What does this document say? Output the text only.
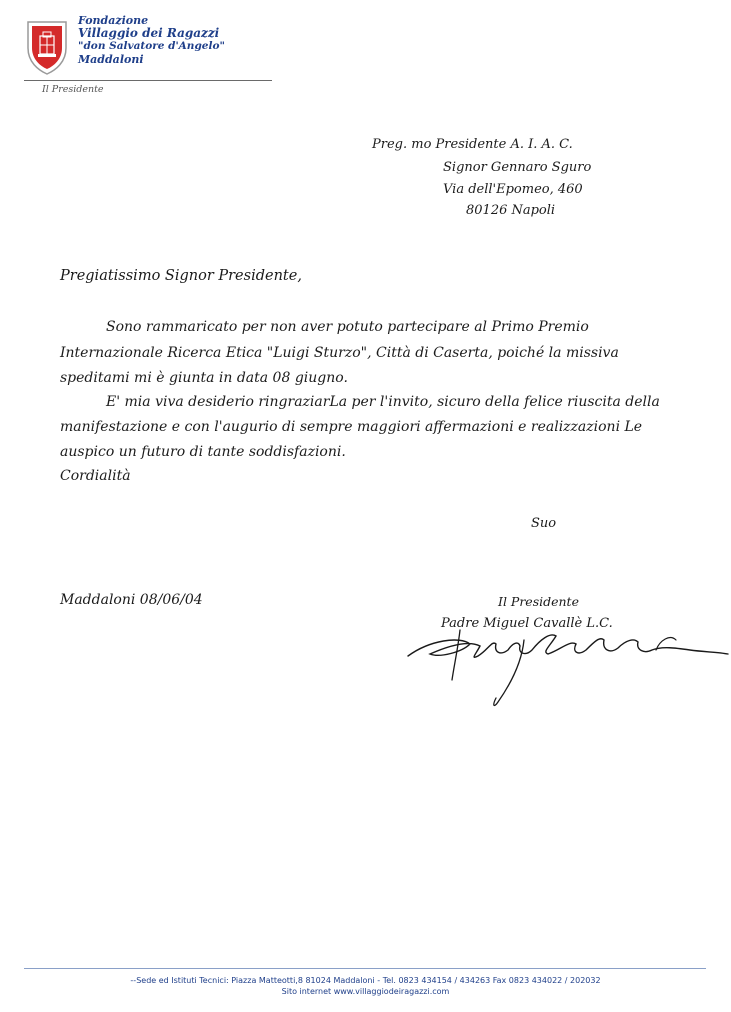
Fondazione
Villaggio dei Ragazzi
"don Salvatore d'Angelo"
Maddaloni
Il Presidente
Preg. mo Presidente A. I. A. C.
Signor Gennaro Sguro
Via dell'Epomeo, 460
80126 Napoli
Pregiatissimo Signor Presidente,
Sono rammaricato per non aver potuto partecipare al Primo Premio
Internazionale Ricerca Etica "Luigi Sturzo", Città di Caserta, poiché la missiva
speditami mi è giunta in data 08 giugno.
E' mia viva desiderio ringraziarLa per l'invito, sicuro della felice riuscita della
manifestazione e con l'augurio di sempre maggiori affermazioni e realizzazioni Le
auspico un futuro di tante soddisfazioni.
Cordialità
Suo
Maddaloni 08/06/04	Il Presidente
Padre Miguel Cavallè L.C.
--Sede ed Istituti Tecnici: Piazza Matteotti,8 81024 Maddaloni - Tel. 0823 434154 / 434263 Fax 0823 434022 / 202032
Sito internet www.villaggiodeiragazzi.com
